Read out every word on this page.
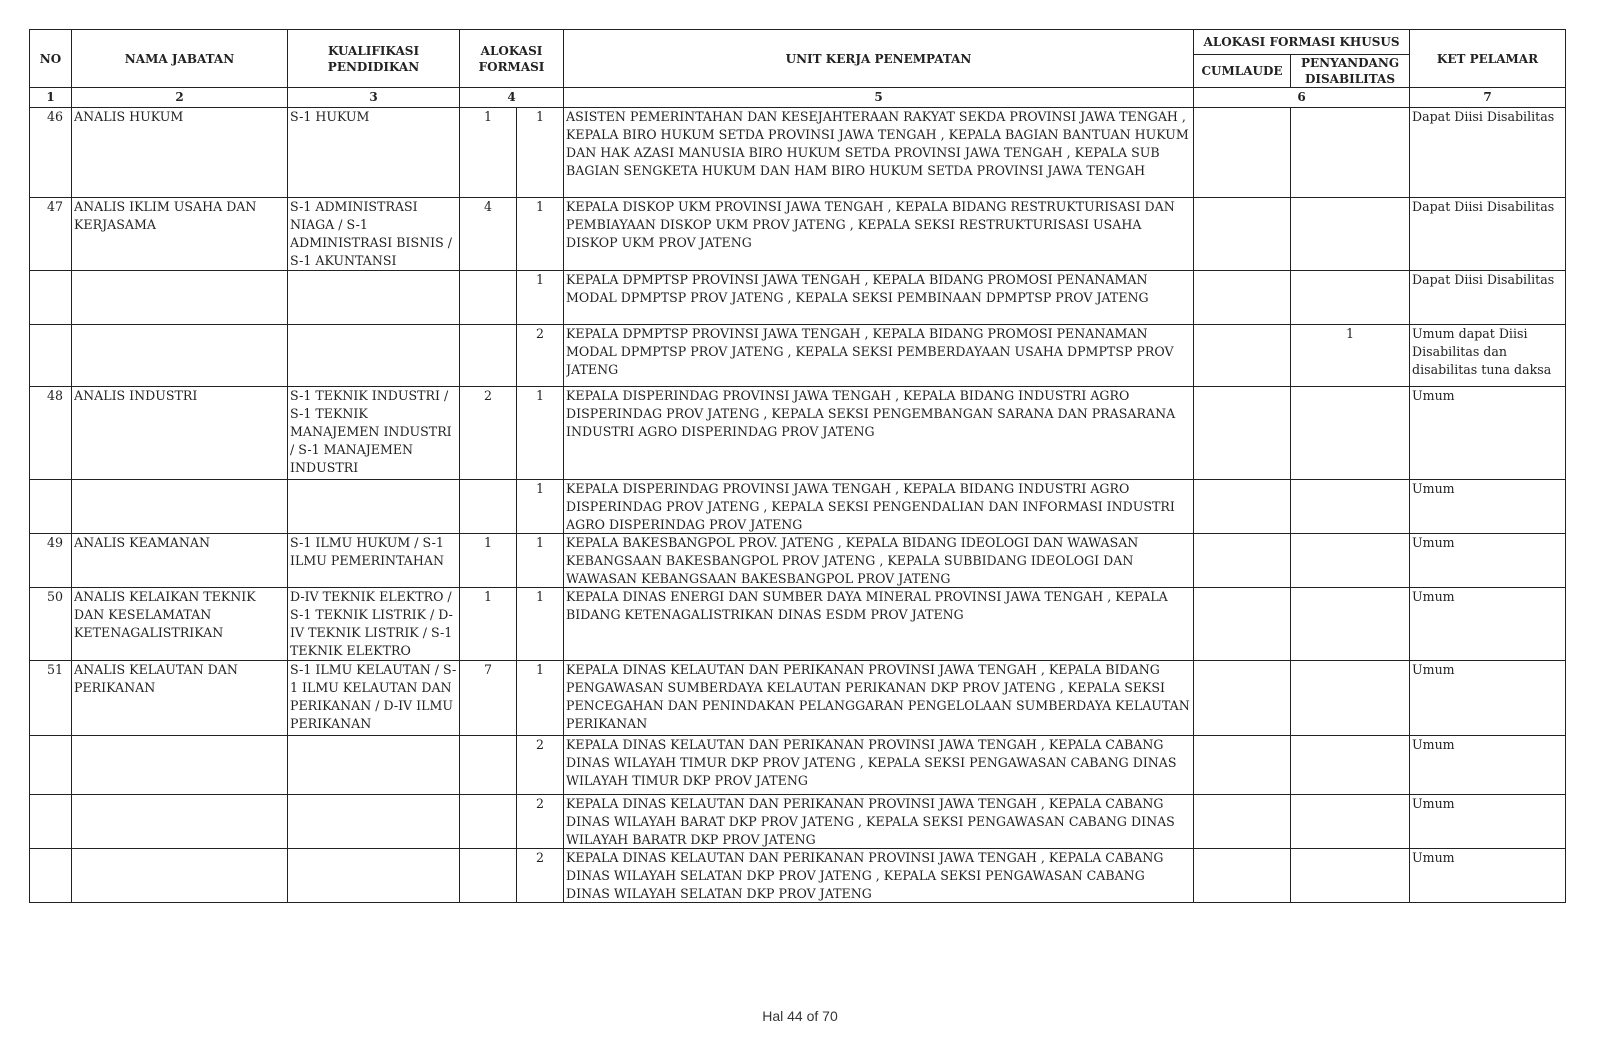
NO	NAMA JABATAN	KUALIFIKASI PENDIDIKAN	ALOKASI FORMASI		UNIT KERJA PENEMPATAN	ALOKASI FORMASI KHUSUS		KET PELAMAR
						CUMLAUDE	PENYANDANG DISABILITAS	
1	2	3	4		5	6		7

46	ANALIS HUKUM	S-1 HUKUM	1	1	ASISTEN PEMERINTAHAN DAN KESEJAHTERAAN RAKYAT SEKDA PROVINSI JAWA TENGAH , KEPALA BIRO HUKUM SETDA PROVINSI JAWA TENGAH , KEPALA BAGIAN BANTUAN HUKUM DAN HAK AZASI MANUSIA BIRO HUKUM SETDA PROVINSI JAWA TENGAH , KEPALA SUB BAGIAN SENGKETA HUKUM DAN HAM BIRO HUKUM SETDA PROVINSI JAWA TENGAH			Dapat Diisi Disabilitas

47	ANALIS IKLIM USAHA DAN KERJASAMA	S-1 ADMINISTRASI NIAGA / S-1 ADMINISTRASI BISNIS / S-1 AKUNTANSI	4	1	KEPALA DISKOP UKM PROVINSI JAWA TENGAH , KEPALA BIDANG RESTRUKTURISASI DAN PEMBIAYAAN DISKOP UKM PROV JATENG , KEPALA SEKSI RESTRUKTURISASI USAHA DISKOP UKM PROV JATENG			Dapat Diisi Disabilitas

				1	KEPALA DPMPTSP PROVINSI JAWA TENGAH , KEPALA BIDANG PROMOSI PENANAMAN MODAL DPMPTSP PROV JATENG , KEPALA SEKSI PEMBINAAN DPMPTSP PROV JATENG			Dapat Diisi Disabilitas

				2	KEPALA DPMPTSP PROVINSI JAWA TENGAH , KEPALA BIDANG PROMOSI PENANAMAN MODAL DPMPTSP PROV JATENG , KEPALA SEKSI PEMBERDAYAAN USAHA DPMPTSP PROV JATENG		1	Umum dapat Diisi Disabilitas dan disabilitas tuna daksa

48	ANALIS INDUSTRI	S-1 TEKNIK INDUSTRI / S-1 TEKNIK MANAJEMEN INDUSTRI / S-1 MANAJEMEN INDUSTRI	2	1	KEPALA DISPERINDAG PROVINSI JAWA TENGAH , KEPALA BIDANG INDUSTRI AGRO DISPERINDAG PROV JATENG , KEPALA SEKSI PENGEMBANGAN SARANA DAN PRASARANA INDUSTRI AGRO DISPERINDAG PROV JATENG			Umum

				1	KEPALA DISPERINDAG PROVINSI JAWA TENGAH , KEPALA BIDANG INDUSTRI AGRO DISPERINDAG PROV JATENG , KEPALA SEKSI PENGENDALIAN DAN INFORMASI INDUSTRI AGRO DISPERINDAG PROV JATENG			Umum

49	ANALIS KEAMANAN	S-1 ILMU HUKUM / S-1 ILMU PEMERINTAHAN	1	1	KEPALA BAKESBANGPOL PROV. JATENG , KEPALA BIDANG IDEOLOGI DAN WAWASAN KEBANGSAAN BAKESBANGPOL PROV JATENG , KEPALA SUBBIDANG IDEOLOGI DAN WAWASAN KEBANGSAAN BAKESBANGPOL PROV JATENG			Umum

50	ANALIS KELAIKAN TEKNIK DAN KESELAMATAN KETENAGALISTRIKAN	D-IV TEKNIK ELEKTRO / S-1 TEKNIK LISTRIK / D-IV TEKNIK LISTRIK / S-1 TEKNIK ELEKTRO	1	1	KEPALA DINAS ENERGI DAN SUMBER DAYA MINERAL PROVINSI JAWA TENGAH , KEPALA BIDANG KETENAGALISTRIKAN DINAS ESDM PROV JATENG			Umum

51	ANALIS KELAUTAN DAN PERIKANAN	S-1 ILMU KELAUTAN / S-1 ILMU KELAUTAN DAN PERIKANAN / D-IV ILMU PERIKANAN	7	1	KEPALA DINAS KELAUTAN DAN PERIKANAN PROVINSI JAWA TENGAH , KEPALA BIDANG PENGAWASAN SUMBERDAYA KELAUTAN PERIKANAN DKP PROV JATENG , KEPALA SEKSI PENCEGAHAN DAN PENINDAKAN PELANGGARAN PENGELOLAAN SUMBERDAYA KELAUTAN PERIKANAN			Umum

				2	KEPALA DINAS KELAUTAN DAN PERIKANAN PROVINSI JAWA TENGAH , KEPALA CABANG DINAS WILAYAH TIMUR DKP PROV JATENG , KEPALA SEKSI PENGAWASAN CABANG DINAS WILAYAH TIMUR DKP PROV JATENG			Umum

				2	KEPALA DINAS KELAUTAN DAN PERIKANAN PROVINSI JAWA TENGAH , KEPALA CABANG DINAS WILAYAH BARAT DKP PROV JATENG , KEPALA SEKSI PENGAWASAN CABANG DINAS WILAYAH BARATR DKP PROV JATENG			Umum

				2	KEPALA DINAS KELAUTAN DAN PERIKANAN PROVINSI JAWA TENGAH , KEPALA CABANG DINAS WILAYAH SELATAN DKP PROV JATENG , KEPALA SEKSI PENGAWASAN CABANG DINAS WILAYAH SELATAN DKP PROV JATENG			Umum
Hal 44 of 70
